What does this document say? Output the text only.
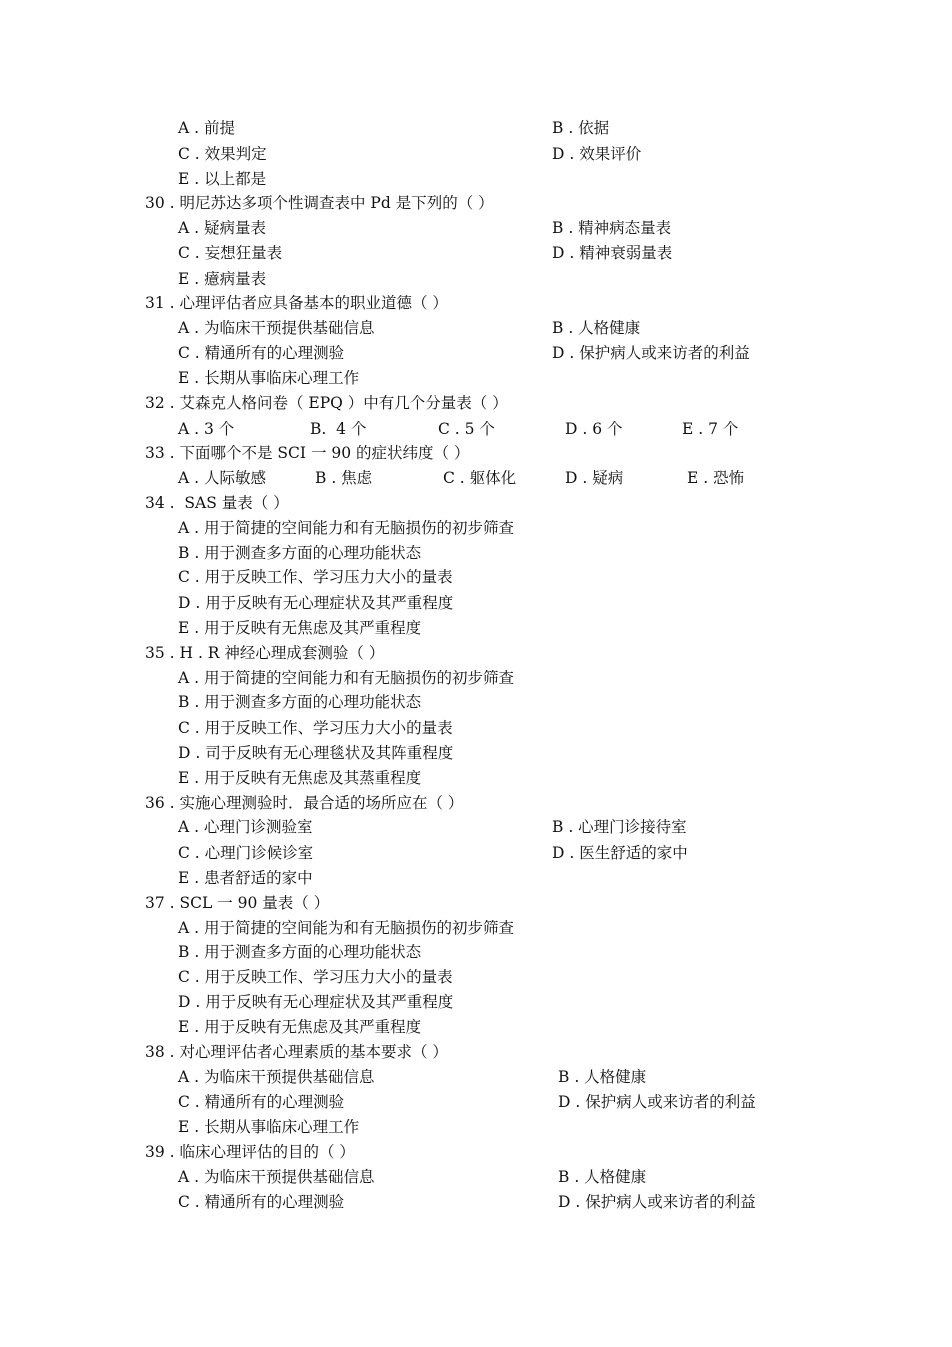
A . 前提

	B . 依据

C . 效果判定

	D . 效果评价

E . 以上都是

30 . 明尼苏达多项个性调查表中 Pd 是下列的（ ）

A . 疑病量表

	B . 精神病态量表

C . 妄想狂量表

	D . 精神衰弱量表

E . 癔病量表

31 . 心理评估者应具备基本的职业道德（ ）

A . 为临床干预提供基础信息

	B . 人格健康

C . 精通所有的心理测验

	D . 保护病人或来访者的利益

E . 长期从事临床心理工作

32 . 艾森克人格问卷（ EPQ ）中有几个分量表（ ）

A . 3 个

	B.  4 个

	C . 5 个

	D . 6 个

	E . 7 个

33 . 下面哪个不是 SCI 一 90 的症状纬度（ ）

A . 人际敏感

	B . 焦虑

	C . 躯体化

	D . 疑病

	E . 恐怖

34 .  SAS 量表（ ）

A . 用于简捷的空间能力和有无脑损伤的初步筛查
B . 用于测查多方面的心理功能状态
C . 用于反映工作、学习压力大小的量表
D . 用于反映有无心理症状及其严重程度
E . 用于反映有无焦虑及其严重程度

35 . H . R 神经心理成套测验（ ）

A . 用于简捷的空间能力和有无脑损伤的初步筛查
B . 用于测查多方面的心理功能状态
C . 用于反映工作、学习压力大小的量表
D . 司于反映有无心理毯状及其阵重程度
E . 用于反映有无焦虑及其蒸重程度

36 . 实施心理测验时．最合适的场所应在（ ）

A . 心理门诊测验室

	B . 心理门诊接待室

C . 心理门诊候诊室

	D . 医生舒适的家中

E . 患者舒适的家中

37 . SCL 一 90 量表（ ）

A . 用于简捷的空间能为和有无脑损伤的初步筛查
B . 用于测查多方面的心理功能状态
C . 用于反映工作、学习压力大小的量表
D . 用于反映有无心理症状及其严重程度
E . 用于反映有无焦虑及其严重程度

38 . 对心理评估者心理素质的基本要求（ ）

A . 为临床干预提供基础信息

	B . 人格健康

C . 精通所有的心理测验

	D . 保护病人或来访者的利益

E . 长期从事临床心理工作

39 . 临床心理评估的目的（ ）

A . 为临床干预提供基础信息

	B . 人格健康

C . 精通所有的心理测验

	D . 保护病人或来访者的利益
